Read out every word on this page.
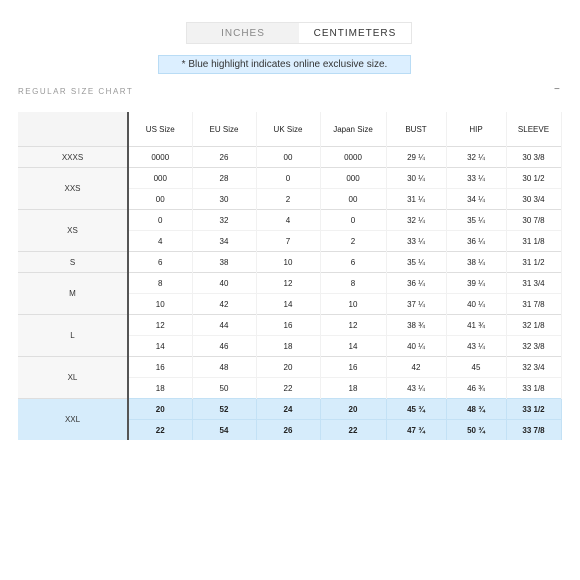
INCHES	CENTIMETERS
* Blue highlight indicates online exclusive size.
REGULAR SIZE CHART	−
	US Size	EU Size	UK Size	Japan Size	BUST	HIP	SLEEVE
XXXS	0000	26	00	0000	29 ¼	32 ¼	30 3/8
XXS	000	28	0	000	30 ¼	33 ¼	30 1/2
	00	30	2	00	31 ¼	34 ¼	30 3/4
XS	0	32	4	0	32 ¼	35 ¼	30 7/8
	4	34	7	2	33 ¼	36 ¼	31 1/8
S	6	38	10	6	35 ¼	38 ¼	31 1/2
M	8	40	12	8	36 ¼	39 ¼	31 3/4
	10	42	14	10	37 ¼	40 ¼	31 7/8
L	12	44	16	12	38 ¾	41 ¾	32 1/8
	14	46	18	14	40 ¼	43 ¼	32 3/8
XL	16	48	20	16	42	45	32 3/4
	18	50	22	18	43 ¼	46 ¾	33 1/8
XXL	20	52	24	20	45 ¾	48 ¾	33 1/2
	22	54	26	22	47 ¾	50 ¾	33 7/8
